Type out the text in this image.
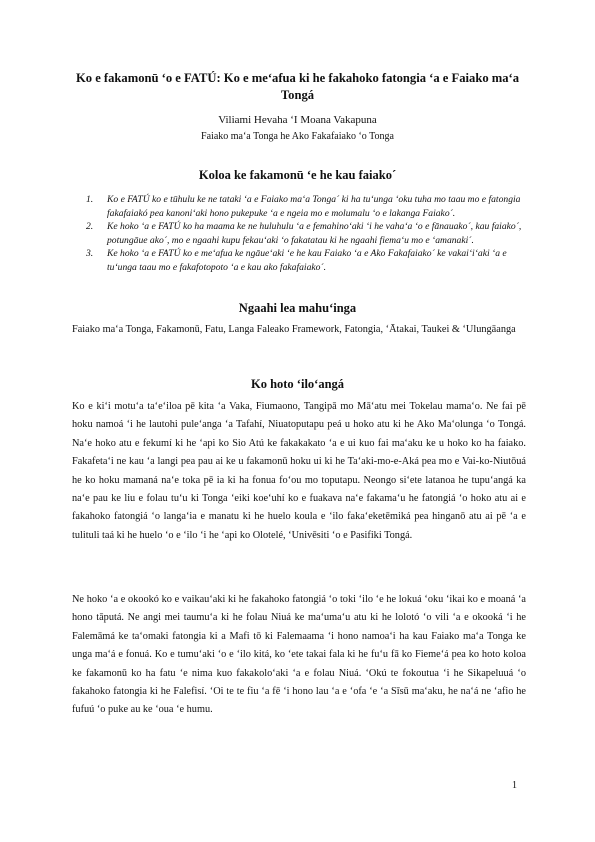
Ko e fakamonū ‘o e FATÚ: Ko e me‘afua ki he fakahoko fatongia ‘a e Faiako ma‘a Tongá
Viliami Hevaha ‘I Moana Vakapuna
Faiako ma‘a Tonga he Ako Fakafaiako ‘o Tonga
Koloa ke fakamonū ‘e he kau faiako´
1. Ko e FATÚ ko e tūhulu ke ne tataki ‘a e Faiako ma‘a Tonga´ ki ha tu‘unga ‘oku tuha mo taau mo e fatongia fakafaiakó pea kanoni‘aki hono pukepuke ‘a e ngeia mo e molumalu ‘o e lakanga Faiako´.
2. Ke hoko ‘a e FATÚ ko ha maama ke ne huluhulu ‘a e femahino‘aki ‘i he vaha‘a ‘o e fānauako´, kau faiako´, potungāue ako´, mo e ngaahi kupu fekau‘aki ‘o fakatatau ki he ngaahi fiema‘u mo e ‘amanaki´.
3. Ke hoko ‘a e FATÚ ko e me‘afua ke ngāue‘aki ‘e he kau Faiako ‘a e Ako Fakafaiako´ ke vakai‘i‘aki ‘a e tu‘unga taau mo e fakafotopoto ‘a e kau ako fakafaiako´.
Ngaahi lea mahu‘inga
Faiako ma‘a Tonga, Fakamonū, Fatu, Langa Faleako Framework, Fatongia, ‘Ātakai, Taukei & ‘Ulungāanga
Ko hoto ‘ilo‘angá
Ko e ki‘i motu‘a ta‘e‘iloa pē kita ‘a Vaka, Fiumaono, Tangipā mo Mā‘atu mei Tokelau mama‘o. Ne fai pē hoku namoá ‘i he lautohi pule‘anga ‘a Tafahí, Niuatoputapu peá u hoko atu ki he Ako Ma‘olunga ‘o Tongá. Na‘e hoko atu e fekumí ki he ‘api ko Sio Atú ke fakakakato ‘a e ui kuo fai ma‘aku ke u hoko ko ha faiako. Fakafeta‘i ne kau ‘a langi pea pau ai ke u fakamonū hoku ui ki he Ta‘aki-mo-e-Aká pea mo e Vai-ko-Niutōuá he ko hoku mamaná na‘e toka pē ia ki ha fonua fo‘ou mo toputapu. Neongo si‘ete latanoa he tupu‘angá ka na‘e pau ke liu e folau tu‘u ki Tonga ‘eiki koe‘uhí ko e fuakava na‘e fakama‘u he fatongiá ‘o hoko atu ai e fakahoko fatongiá ‘o langa‘ia e manatu ki he huelo koula e ‘ilo faka‘eketēmiká pea hinganō atu ai pē ‘a e tulituli taá ki he huelo ‘o e ‘ilo ‘i he ‘api ko Olotelé, ‘Univēsiti ‘o e Pasifiki Tongá.
Ne hoko ‘a e okookó ko e vaikau‘aki ki he fakahoko fatongiá ‘o toki ‘ilo ‘e he lokuá ‘oku ‘ikai ko e moaná ‘a hono tāputá. Ne angi mei taumu‘a ki he folau Niuá ke ma‘uma‘u atu ki he lolotó ‘o vili ‘a e okooká ‘i he Falemāmá ke ta‘omaki fatongia ki a Mafi tō ki Falemaama ‘i hono namoa‘i ha kau Faiako ma‘a Tonga ke unga ma‘á e fonuá. Ko e tumu‘aki ‘o e ‘ilo kitá, ko ‘ete takai fala ki he fu‘u fā ko Fieme‘á pea ko hoto koloa ke fakamonū ko ha fatu ‘e nima kuo fakakolo‘aki ‘a e folau Niuá. ‘Okú te fokoutua ‘i he Sikapeluuá ‘o fakahoko fatongia ki he Falefisí. ‘Oi te te fiu ‘a fē ‘i hono lau ‘a e ‘ofa ‘e ‘a Sīsū ma‘aku, he na‘á ne ‘afio he fufuú ‘o puke au ke ‘oua ‘e humu.
1
